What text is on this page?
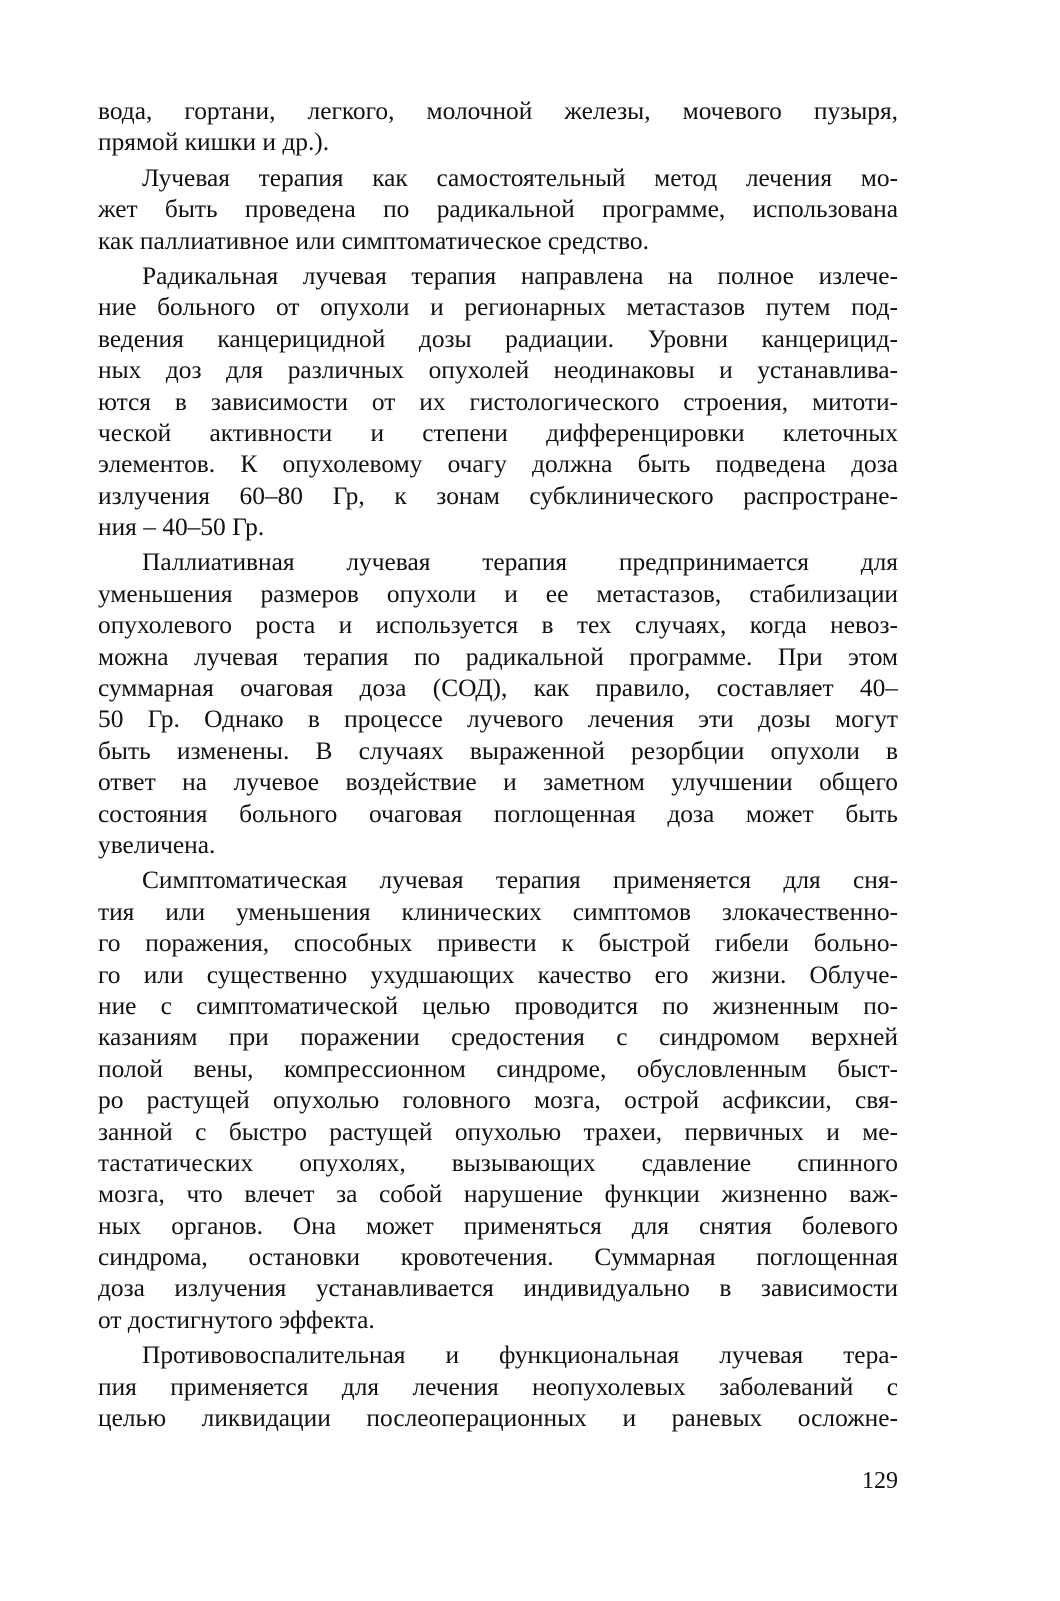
вода, гортани, легкого, молочной железы, мочевого пузыря,
прямой кишки и др.).
Лучевая терапия как самостоятельный метод лечения мо-
жет быть проведена по радикальной программе, использована
как паллиативное или симптоматическое средство.
Радикальная лучевая терапия направлена на полное излече-
ние больного от опухоли и регионарных метастазов путем под-
ведения канцерицидной дозы радиации. Уровни канцерицид-
ных доз для различных опухолей неодинаковы и устанавлива-
ются в зависимости от их гистологического строения, митоти-
ческой активности и степени дифференцировки клеточных
элементов. К опухолевому очагу должна быть подведена доза
излучения 60–80 Гр, к зонам субклинического распростране-
ния – 40–50 Гр.
Паллиативная лучевая терапия предпринимается для
уменьшения размеров опухоли и ее метастазов, стабилизации
опухолевого роста и используется в тех случаях, когда невоз-
можна лучевая терапия по радикальной программе. При этом
суммарная очаговая доза (СОД), как правило, составляет 40–
50 Гр. Однако в процессе лучевого лечения эти дозы могут
быть изменены. В случаях выраженной резорбции опухоли в
ответ на лучевое воздействие и заметном улучшении общего
состояния больного очаговая поглощенная доза может быть
увеличена.
Симптоматическая лучевая терапия применяется для сня-
тия или уменьшения клинических симптомов злокачественно-
го поражения, способных привести к быстрой гибели больно-
го или существенно ухудшающих качество его жизни. Облуче-
ние с симптоматической целью проводится по жизненным по-
казаниям при поражении средостения с синдромом верхней
полой вены, компрессионном синдроме, обусловленным быст-
ро растущей опухолью головного мозга, острой асфиксии, свя-
занной с быстро растущей опухолью трахеи, первичных и ме-
тастатических опухолях, вызывающих сдавление спинного
мозга, что влечет за собой нарушение функции жизненно важ-
ных органов. Она может применяться для снятия болевого
синдрома, остановки кровотечения. Суммарная поглощенная
доза излучения устанавливается индивидуально в зависимости
от достигнутого эффекта.
Противовоспалительная и функциональная лучевая тера-
пия применяется для лечения неопухолевых заболеваний с
целью ликвидации послеоперационных и раневых осложне-
129
